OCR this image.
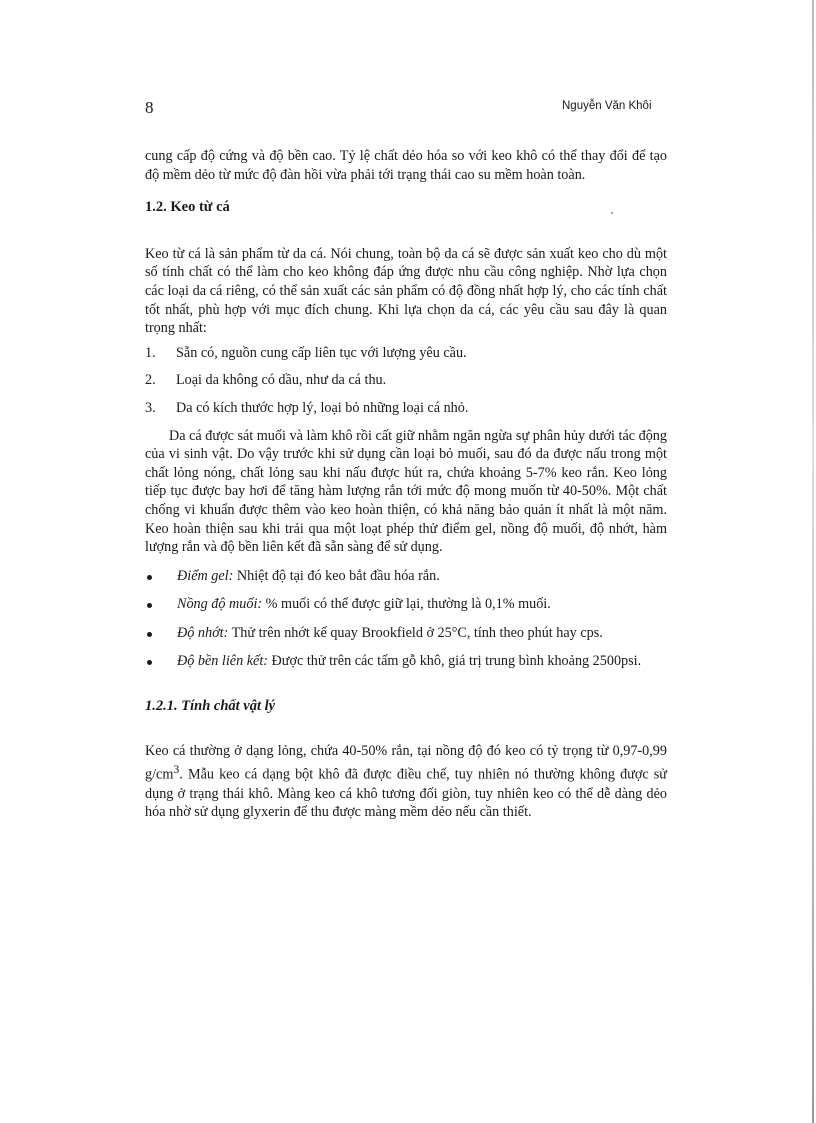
8	Nguyễn Văn Khôi

cung cấp độ cứng và độ bền cao. Tỷ lệ chất dẻo hóa so với keo khô có thể thay đổi để tạo độ mềm dẻo từ mức độ đàn hồi vừa phải tới trạng thái cao su mềm hoàn toàn.

1.2. Keo từ cá

Keo từ cá là sản phẩm từ da cá. Nói chung, toàn bộ da cá sẽ được sản xuất keo cho dù một số tính chất có thể làm cho keo không đáp ứng được nhu cầu công nghiệp. Nhờ lựa chọn các loại da cá riêng, có thể sản xuất các sản phẩm có độ đồng nhất hợp lý, cho các tính chất tốt nhất, phù hợp với mục đích chung. Khi lựa chọn da cá, các yêu cầu sau đây là quan trọng nhất:

1. Sẵn có, nguồn cung cấp liên tục với lượng yêu cầu.
2. Loại da không có dầu, như da cá thu.
3. Da có kích thước hợp lý, loại bỏ những loại cá nhỏ.

Da cá được sát muối và làm khô rồi cất giữ nhằm ngăn ngừa sự phân hủy dưới tác động của vi sinh vật. Do vậy trước khi sử dụng cần loại bỏ muối, sau đó da được nấu trong một chất lỏng nóng, chất lỏng sau khi nấu được hút ra, chứa khoảng 5-7% keo rắn. Keo lỏng tiếp tục được bay hơi để tăng hàm lượng rắn tới mức độ mong muốn từ 40-50%. Một chất chống vi khuẩn được thêm vào keo hoàn thiện, có khả năng bảo quản ít nhất là một năm. Keo hoàn thiện sau khi trải qua một loạt phép thử điểm gel, nồng độ muối, độ nhớt, hàm lượng rắn và độ bền liên kết đã sẵn sàng để sử dụng.

Điểm gel: Nhiệt độ tại đó keo bắt đầu hóa rắn.
Nồng độ muối: % muối có thể được giữ lại, thường là 0,1% muối.
Độ nhớt: Thử trên nhớt kế quay Brookfield ở 25°C, tính theo phút hay cps.
Độ bền liên kết: Được thử trên các tấm gỗ khô, giá trị trung bình khoảng 2500psi.
1.2.1. Tính chất vật lý

Keo cá thường ở dạng lỏng, chứa 40-50% rắn, tại nồng độ đó keo có tỷ trọng từ 0,97-0,99 $g/cm^3$. Mẫu keo cá dạng bột khô đã được điều chế, tuy nhiên nó thường không được sử dụng ở trạng thái khô. Màng keo cá khô tương đối giòn, tuy nhiên keo có thể dễ dàng dẻo hóa nhờ sử dụng glyxerin để thu được màng mềm dẻo nếu cần thiết.
